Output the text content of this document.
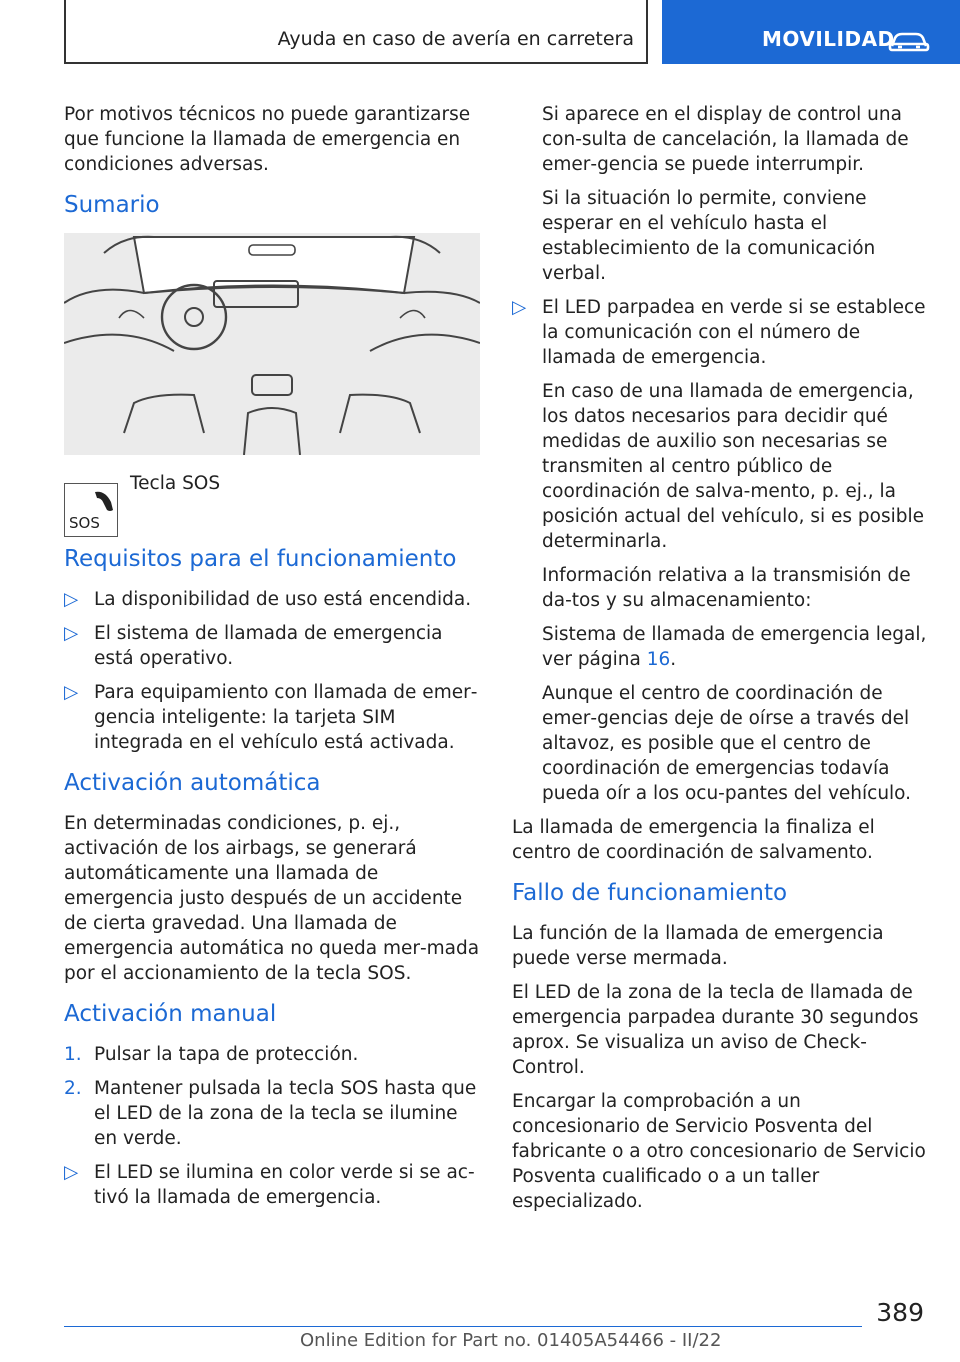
Ayuda en caso de avería en carretera	MOVILIDAD

Por motivos técnicos no puede garantizarse que funcione la llamada de emergencia en condiciones adversas.

Sumario
SOS
Tecla SOS
Requisitos para el funcionamiento
▷ La disponibilidad de uso está encendida.
▷ El sistema de llamada de emergencia está operativo.
▷ Para equipamiento con llamada de emer‐gencia inteligente: la tarjeta SIM integrada en el vehículo está activada.
Activación automática

En determinadas condiciones, p. ej., activación de los airbags, se generará automáticamente una llamada de emergencia justo después de un accidente de cierta gravedad. Una llamada de emergencia automática no queda mer‐mada por el accionamiento de la tecla SOS.

Activación manual
1. Pulsar la tapa de protección.
2. Mantener pulsada la tecla SOS hasta que el LED de la zona de la tecla se ilumine en verde.
▷ El LED se ilumina en color verde si se ac‐tivó la llamada de emergencia.

Si aparece en el display de control una con‐sulta de cancelación, la llamada de emer‐gencia se puede interrumpir.

Si la situación lo permite, conviene esperar en el vehículo hasta el establecimiento de la comunicación verbal.

▷ El LED parpadea en verde si se establece la comunicación con el número de llamada de emergencia.

En caso de una llamada de emergencia, los datos necesarios para decidir qué medidas de auxilio son necesarias se transmiten al centro público de coordinación de salva‐mento, p. ej., la posición actual del vehículo, si es posible determinarla.

Información relativa a la transmisión de da‐tos y su almacenamiento:

Sistema de llamada de emergencia legal, ver página 16.

Aunque el centro de coordinación de emer‐gencias deje de oírse a través del altavoz, es posible que el centro de coordinación de emergencias todavía pueda oír a los ocu‐pantes del vehículo.

La llamada de emergencia la finaliza el centro de coordinación de salvamento.

Fallo de funcionamiento

La función de la llamada de emergencia puede verse mermada.

El LED de la zona de la tecla de llamada de emergencia parpadea durante 30 segundos aprox. Se visualiza un aviso de Check-Control.

Encargar la comprobación a un concesionario de Servicio Posventa del fabricante o a otro concesionario de Servicio Posventa cualificado o a un taller especializado.

389
Online Edition for Part no. 01405A54466 - II/22
